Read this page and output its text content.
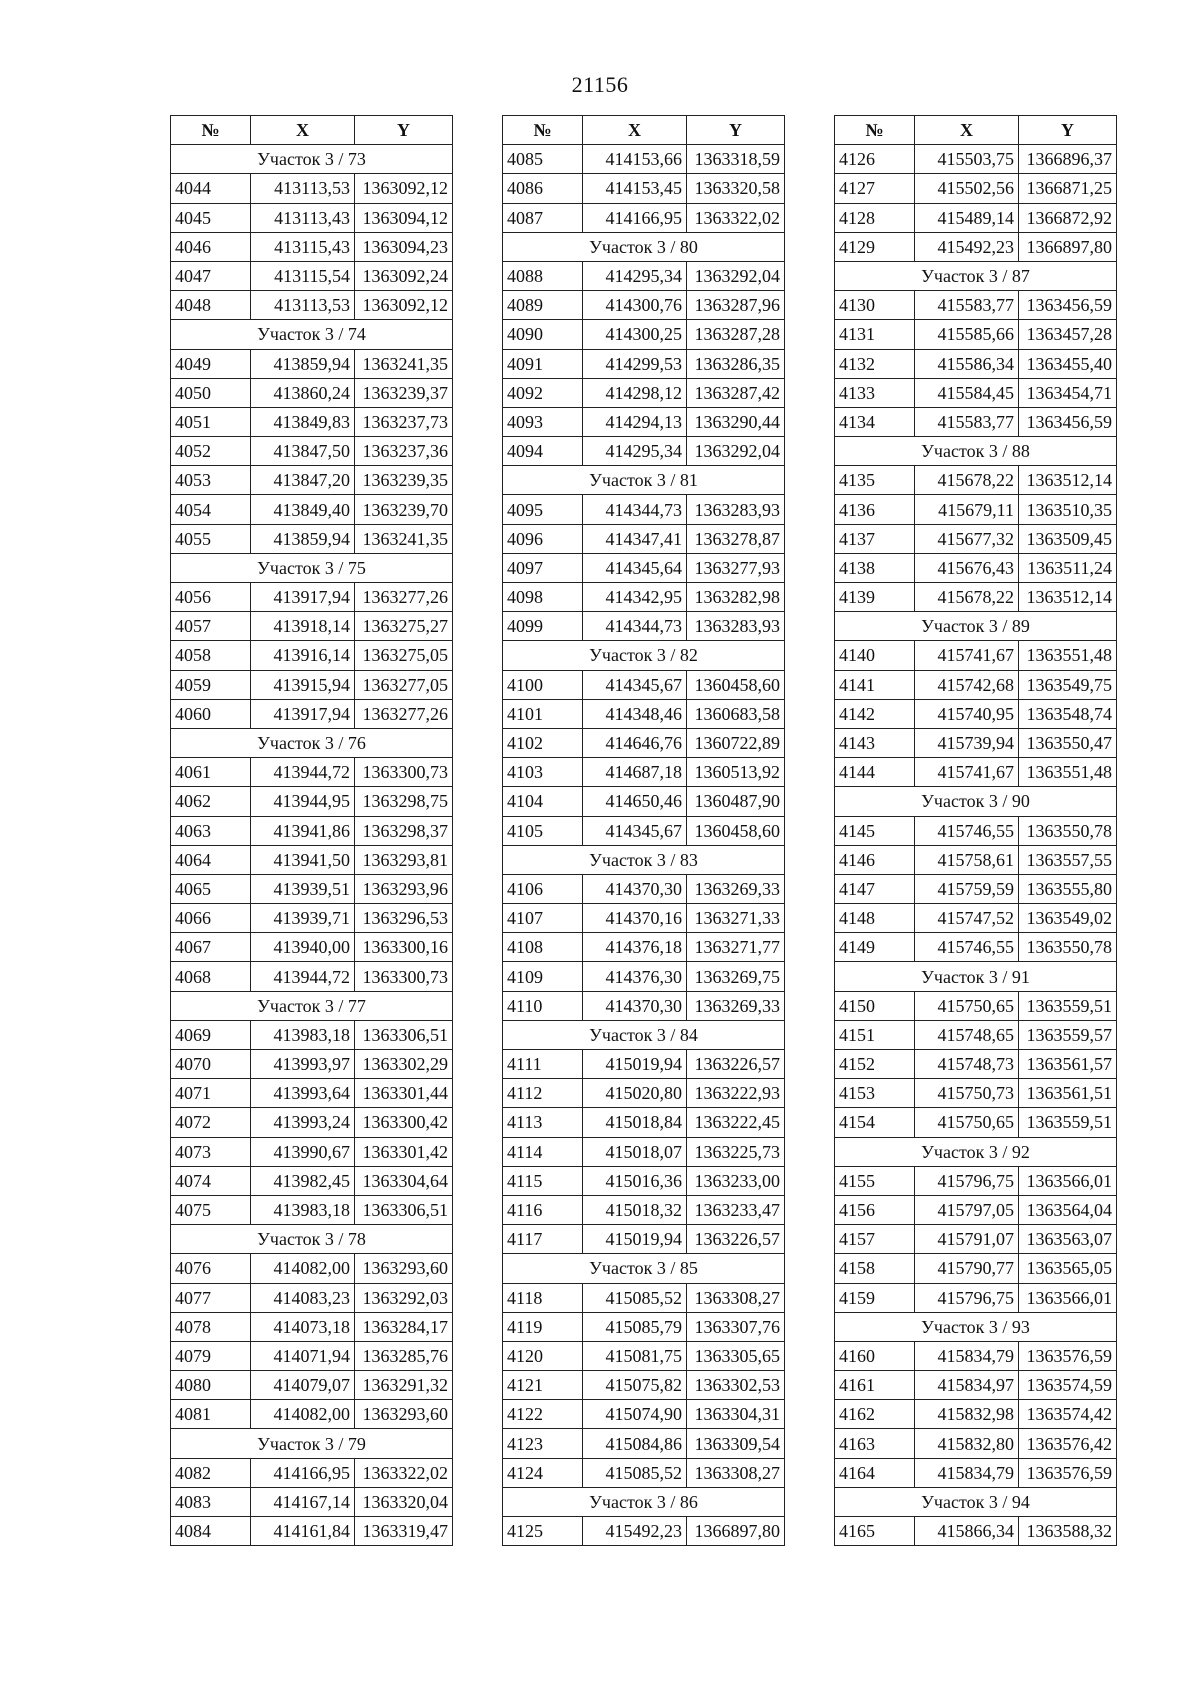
21156
№	X	Y
Участок 3 / 73		
4044	413113,53	1363092,12
4045	413113,43	1363094,12
4046	413115,43	1363094,23
4047	413115,54	1363092,24
4048	413113,53	1363092,12
Участок 3 / 74		
4049	413859,94	1363241,35
4050	413860,24	1363239,37
4051	413849,83	1363237,73
4052	413847,50	1363237,36
4053	413847,20	1363239,35
4054	413849,40	1363239,70
4055	413859,94	1363241,35
Участок 3 / 75		
4056	413917,94	1363277,26
4057	413918,14	1363275,27
4058	413916,14	1363275,05
4059	413915,94	1363277,05
4060	413917,94	1363277,26
Участок 3 / 76		
4061	413944,72	1363300,73
4062	413944,95	1363298,75
4063	413941,86	1363298,37
4064	413941,50	1363293,81
4065	413939,51	1363293,96
4066	413939,71	1363296,53
4067	413940,00	1363300,16
4068	413944,72	1363300,73
Участок 3 / 77		
4069	413983,18	1363306,51
4070	413993,97	1363302,29
4071	413993,64	1363301,44
4072	413993,24	1363300,42
4073	413990,67	1363301,42
4074	413982,45	1363304,64
4075	413983,18	1363306,51
Участок 3 / 78		
4076	414082,00	1363293,60
4077	414083,23	1363292,03
4078	414073,18	1363284,17
4079	414071,94	1363285,76
4080	414079,07	1363291,32
4081	414082,00	1363293,60
Участок 3 / 79		
4082	414166,95	1363322,02
4083	414167,14	1363320,04
4084	414161,84	1363319,47
№	X	Y
4085	414153,66	1363318,59
4086	414153,45	1363320,58
4087	414166,95	1363322,02
Участок 3 / 80		
4088	414295,34	1363292,04
4089	414300,76	1363287,96
4090	414300,25	1363287,28
4091	414299,53	1363286,35
4092	414298,12	1363287,42
4093	414294,13	1363290,44
4094	414295,34	1363292,04
Участок 3 / 81		
4095	414344,73	1363283,93
4096	414347,41	1363278,87
4097	414345,64	1363277,93
4098	414342,95	1363282,98
4099	414344,73	1363283,93
Участок 3 / 82		
4100	414345,67	1360458,60
4101	414348,46	1360683,58
4102	414646,76	1360722,89
4103	414687,18	1360513,92
4104	414650,46	1360487,90
4105	414345,67	1360458,60
Участок 3 / 83		
4106	414370,30	1363269,33
4107	414370,16	1363271,33
4108	414376,18	1363271,77
4109	414376,30	1363269,75
4110	414370,30	1363269,33
Участок 3 / 84		
4111	415019,94	1363226,57
4112	415020,80	1363222,93
4113	415018,84	1363222,45
4114	415018,07	1363225,73
4115	415016,36	1363233,00
4116	415018,32	1363233,47
4117	415019,94	1363226,57
Участок 3 / 85		
4118	415085,52	1363308,27
4119	415085,79	1363307,76
4120	415081,75	1363305,65
4121	415075,82	1363302,53
4122	415074,90	1363304,31
4123	415084,86	1363309,54
4124	415085,52	1363308,27
Участок 3 / 86		
4125	415492,23	1366897,80
№	X	Y
4126	415503,75	1366896,37
4127	415502,56	1366871,25
4128	415489,14	1366872,92
4129	415492,23	1366897,80
Участок 3 / 87		
4130	415583,77	1363456,59
4131	415585,66	1363457,28
4132	415586,34	1363455,40
4133	415584,45	1363454,71
4134	415583,77	1363456,59
Участок 3 / 88		
4135	415678,22	1363512,14
4136	415679,11	1363510,35
4137	415677,32	1363509,45
4138	415676,43	1363511,24
4139	415678,22	1363512,14
Участок 3 / 89		
4140	415741,67	1363551,48
4141	415742,68	1363549,75
4142	415740,95	1363548,74
4143	415739,94	1363550,47
4144	415741,67	1363551,48
Участок 3 / 90		
4145	415746,55	1363550,78
4146	415758,61	1363557,55
4147	415759,59	1363555,80
4148	415747,52	1363549,02
4149	415746,55	1363550,78
Участок 3 / 91		
4150	415750,65	1363559,51
4151	415748,65	1363559,57
4152	415748,73	1363561,57
4153	415750,73	1363561,51
4154	415750,65	1363559,51
Участок 3 / 92		
4155	415796,75	1363566,01
4156	415797,05	1363564,04
4157	415791,07	1363563,07
4158	415790,77	1363565,05
4159	415796,75	1363566,01
Участок 3 / 93		
4160	415834,79	1363576,59
4161	415834,97	1363574,59
4162	415832,98	1363574,42
4163	415832,80	1363576,42
4164	415834,79	1363576,59
Участок 3 / 94		
4165	415866,34	1363588,32
